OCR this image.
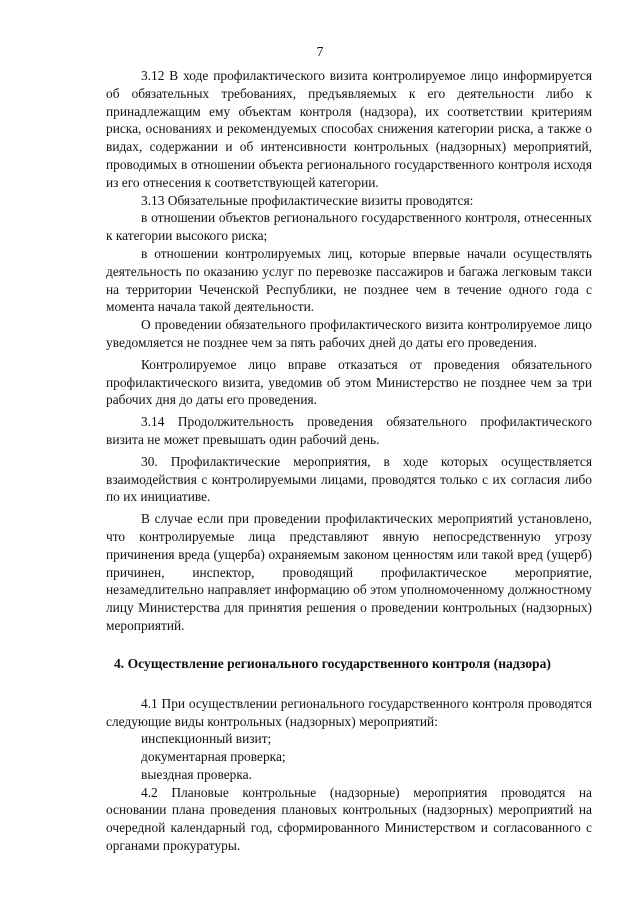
7

3.12 В ходе профилактического визита контролируемое лицо информируется об обязательных требованиях, предъявляемых к его деятельности либо к принадлежащим ему объектам контроля (надзора), их соответствии критериям риска, основаниях и рекомендуемых способах снижения категории риска, а также о видах, содержании и об интенсивности контрольных (надзорных) мероприятий, проводимых в отношении объекта регионального государственного контроля исходя из его отнесения к соответствующей категории.

3.13 Обязательные профилактические визиты проводятся:

в отношении объектов регионального государственного контроля, отнесенных к категории высокого риска;

в отношении контролируемых лиц, которые впервые начали осуществлять деятельность по оказанию услуг по перевозке пассажиров и багажа легковым такси на территории Чеченской Республики, не позднее чем в течение одного года с момента начала такой деятельности.

О проведении обязательного профилактического визита контролируемое лицо уведомляется не позднее чем за пять рабочих дней до даты его проведения.

Контролируемое лицо вправе отказаться от проведения обязательного профилактического визита, уведомив об этом Министерство не позднее чем за три рабочих дня до даты его проведения.

3.14 Продолжительность проведения обязательного профилактического визита не может превышать один рабочий день.

30. Профилактические мероприятия, в ходе которых осуществляется взаимодействия с контролируемыми лицами, проводятся только с их согласия либо по их инициативе.

В случае если при проведении профилактических мероприятий установлено, что контролируемые лица представляют явную непосредственную угрозу причинения вреда (ущерба) охраняемым законом ценностям или такой вред (ущерб) причинен, инспектор, проводящий профилактическое мероприятие, незамедлительно направляет информацию об этом уполномоченному должностному лицу Министерства для принятия решения о проведении контрольных (надзорных) мероприятий.

4. Осуществление регионального государственного контроля (надзора)

4.1 При осуществлении регионального государственного контроля проводятся следующие виды контрольных (надзорных) мероприятий:

инспекционный визит;

документарная проверка;

выездная проверка.

4.2 Плановые контрольные (надзорные) мероприятия проводятся на основании плана проведения плановых контрольных (надзорных) мероприятий на очередной календарный год, сформированного Министерством и согласованного с органами прокуратуры.
